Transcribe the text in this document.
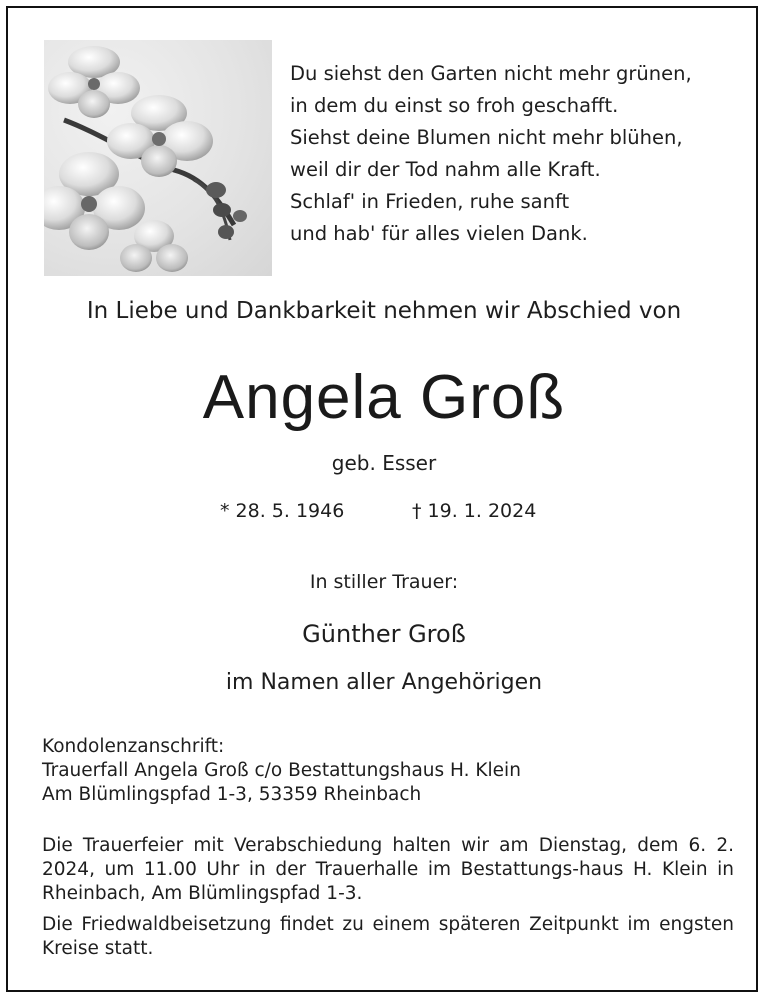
Du siehst den Garten nicht mehr grünen,
in dem du einst so froh geschafft.
Siehst deine Blumen nicht mehr blühen,
weil dir der Tod nahm alle Kraft.
Schlaf' in Frieden, ruhe sanft
und hab' für alles vielen Dank.
In Liebe und Dankbarkeit nehmen wir Abschied von
Angela Groß
geb. Esser
* 28. 5. 1946	† 19. 1. 2024
In stiller Trauer:
Günther Groß
im Namen aller Angehörigen
Kondolenzanschrift:
Trauerfall Angela Groß c/o Bestattungshaus H. Klein
Am Blümlingspfad 1-3, 53359 Rheinbach
Die Trauerfeier mit Verabschiedung halten wir am Dienstag, dem 6. 2. 2024, um 11.00 Uhr in der Trauerhalle im Bestattungs-haus H. Klein in Rheinbach, Am Blümlingspfad 1-3.
Die Friedwaldbeisetzung findet zu einem späteren Zeitpunkt im engsten Kreise statt.
